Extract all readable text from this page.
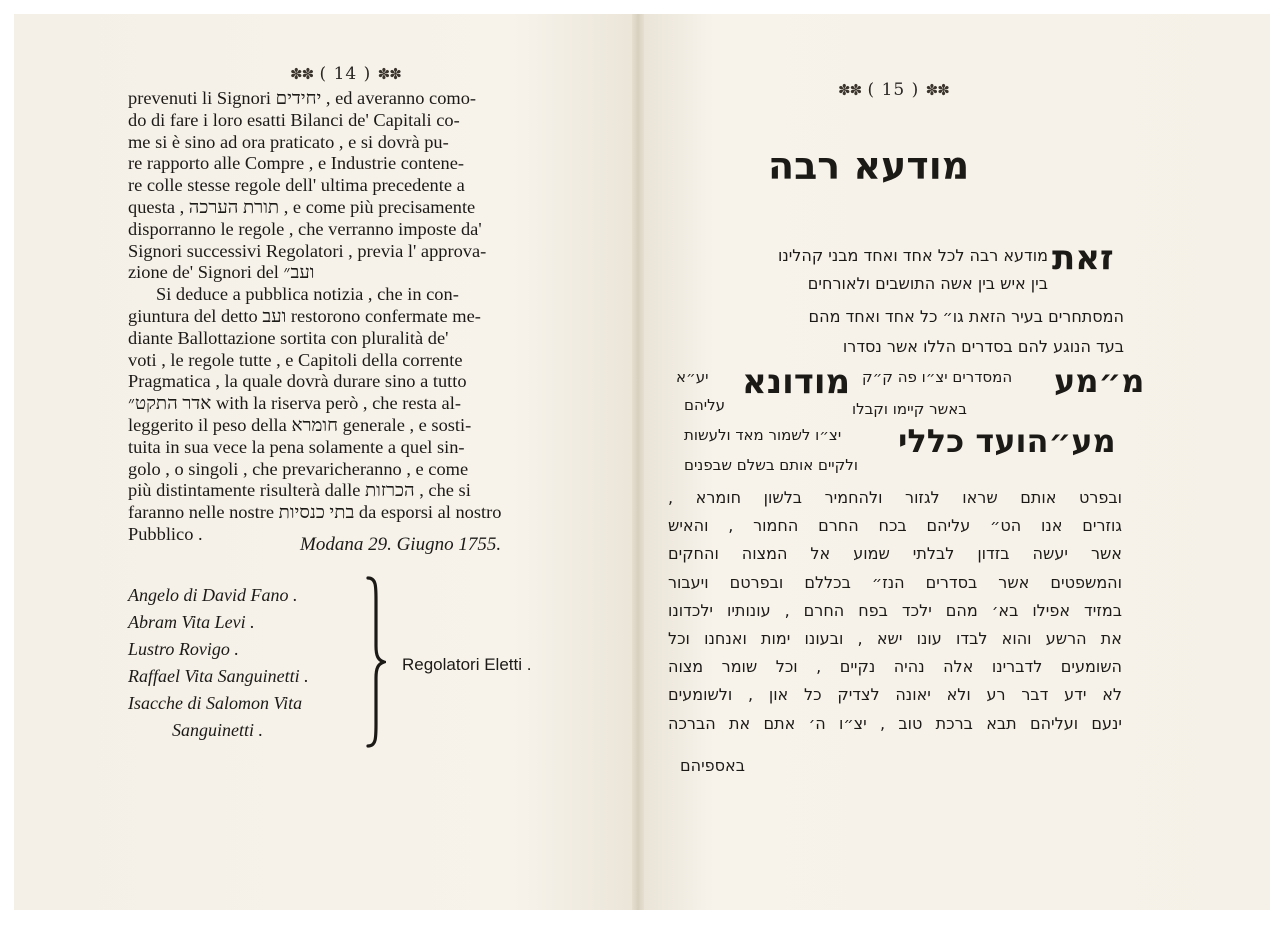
✽✽ ( 14 ) ✽✽
prevenuti li Signori יחידים , ed averanno como-
do di fare i loro esatti Bilanci de' Capitali co-
me si è sino ad ora praticato , e si dovrà pu-
re rapporto alle Compre , e Industrie contene-
re colle stesse regole dell' ultima precedente a
questa , תורת הערכה , e come più precisamente
disporranno le regole , che verranno imposte da'
Signori successivi Regolatori , previa l' approva-
zione de' Signori del ועב״
Si deduce a pubblica notizia , che in con-
giuntura del detto ועב restorono confermate me-
diante Ballottazione sortita con pluralità de'
voti , le regole tutte , e Capitoli della corrente
Pragmatica , la quale dovrà durare sino a tutto
אדר התקט״ with la riserva però , che resta al-
leggerito il peso della חומרא generale , e sosti-
tuita in sua vece la pena solamente a quel sin-
golo , o singoli , che prevaricheranno , e come
più distintamente risulterà dalle הכרזות , che si
faranno nelle nostre בתי כנסיות da esporsi al nostro
Pubblico .
Modana 29. Giugno 1755.
Angelo di David Fano .
Abram Vita Levi .
Lustro Rovigo .
Raffael Vita Sanguinetti .
Isacche di Salomon Vita
Sanguinetti .
Regolatori Eletti .
✽✽ ( 15 ) ✽✽
מודעא רבה
זאת
מודעא רבה לכל אחד ואחד מבני קהלינו
בין איש בין אשה התושבים ולאורחים
המסתחרים בעיר הזאת גו״ כל אחד ואחד מהם
בעד הנוגע להם בסדרים הללו אשר נסדרו
מ״מע
מודונא המסדרים יצ״ו פה ק״ק
יע״א
באשר קיימו וקבלו
עליהם
מע״הועד כללי
יצ״ו לשמור מאד ולעשות
ולקיים אותם בשלם שבפנים
ובפרט אותם שראו לגזור ולהחמיר בלשון חומרא ,
גוזרים אנו הט״ עליהם בכח החרם החמור , והאיש
אשר יעשה בזדון לבלתי שמוע אל המצוה והחקים
והמשפטים אשר בסדרים הנז״ בכללם ובפרטם ויעבור
במזיד אפילו בא׳ מהם ילכד בפח החרם , עונותיו ילכדונו
את הרשע והוא לבדו עונו ישא , ובעונו ימות ואנחנו וכל
השומעים לדברינו אלה נהיה נקיים , וכל שומר מצוה
לא ידע דבר רע ולא יאונה לצדיק כל און , ולשומעים
ינעם ועליהם תבא ברכת טוב , יצ״ו ה׳ אתם את הברכה
באספיהם
